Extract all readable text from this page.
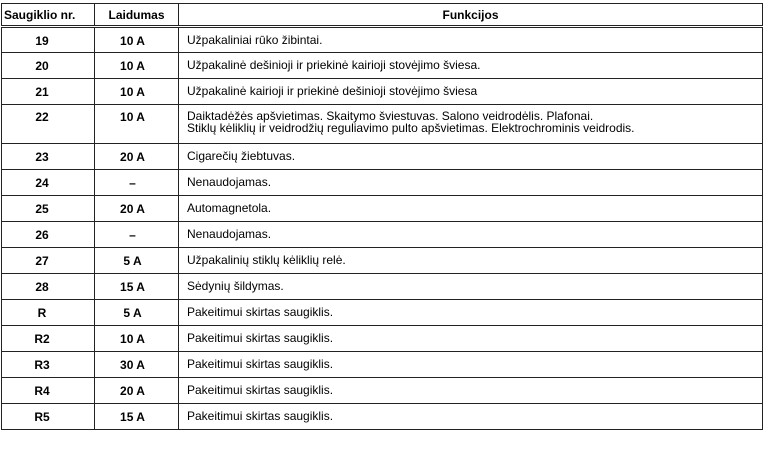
Saugiklio nr.	Laidumas	Funkcijos
19	10 A	Užpakaliniai rūko žibintai.
20	10 A	Užpakalinė dešinioji ir priekinė kairioji stovėjimo šviesa.
21	10 A	Užpakalinė kairioji ir priekinė dešinioji stovėjimo šviesa
22	10 A	Daiktadėžės apšvietimas. Skaitymo šviestuvas. Salono veidrodėlis. Plafonai.
Stiklų kėliklių ir veidrodžių reguliavimo pulto apšvietimas. Elektrochrominis veidrodis.
23	20 A	Cigarečių žiebtuvas.
24	–	Nenaudojamas.
25	20 A	Automagnetola.
26	–	Nenaudojamas.
27	5 A	Užpakalinių stiklų kėliklių relė.
28	15 A	Sėdynių šildymas.
R	5 A	Pakeitimui skirtas saugiklis.
R2	10 A	Pakeitimui skirtas saugiklis.
R3	30 A	Pakeitimui skirtas saugiklis.
R4	20 A	Pakeitimui skirtas saugiklis.
R5	15 A	Pakeitimui skirtas saugiklis.
